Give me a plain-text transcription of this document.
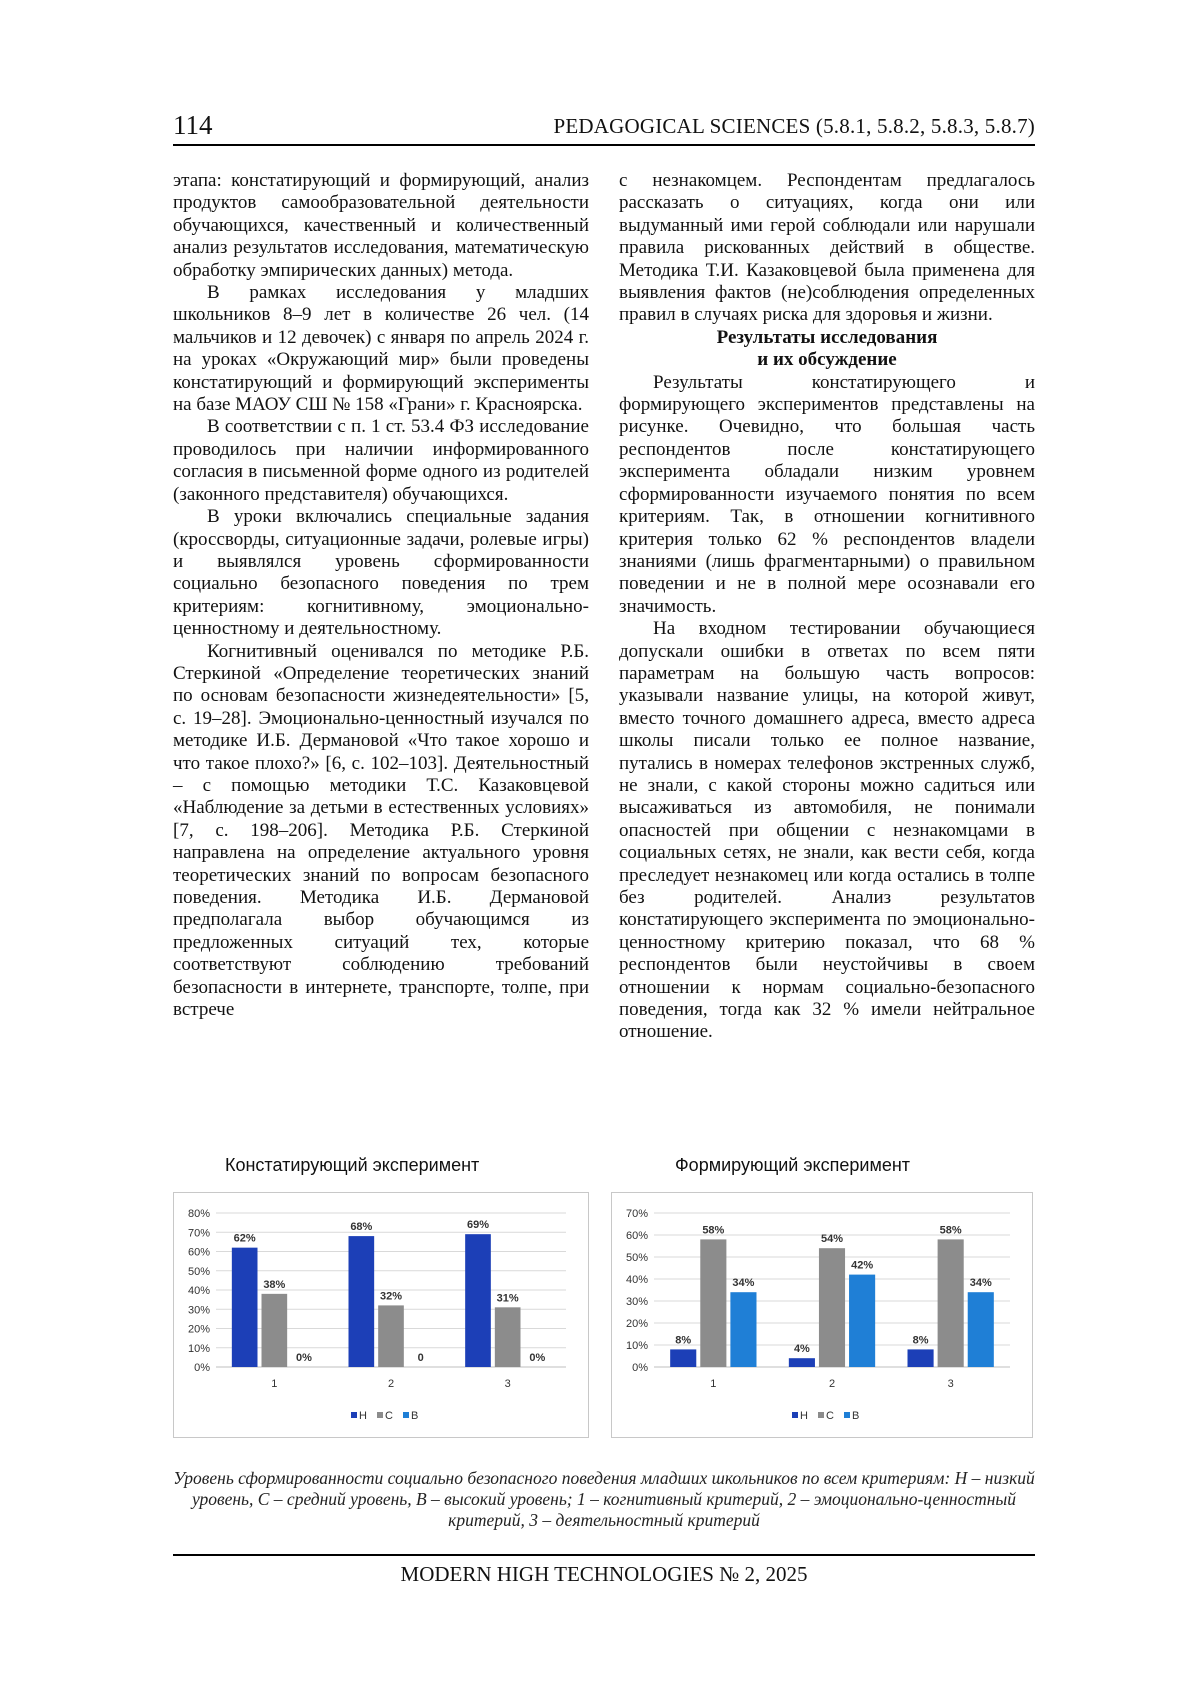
114	PEDAGOGICAL SCIENCES (5.8.1, 5.8.2, 5.8.3, 5.8.7)

этапа: констатирующий и формирующий, анализ продуктов самообразовательной деятельности обучающихся, качественный и количественный анализ результатов исследования, математическую обработку эмпирических данных) метода.

В рамках исследования у младших школьников 8–9 лет в количестве 26 чел. (14 мальчиков и 12 девочек) с января по апрель 2024 г. на уроках «Окружающий мир» были проведены констатирующий и формирующий эксперименты на базе МАОУ СШ № 158 «Грани» г. Красноярска.

В соответствии с п. 1 ст. 53.4 ФЗ исследование проводилось при наличии информированного согласия в письменной форме одного из родителей (законного представителя) обучающихся.

В уроки включались специальные задания (кроссворды, ситуационные задачи, ролевые игры) и выявлялся уровень сформированности социально безопасного поведения по трем критериям: когнитивному, эмоционально-ценностному и деятельностному.

Когнитивный оценивался по методике Р.Б. Стеркиной «Определение теоретических знаний по основам безопасности жизнедеятельности» [5, с. 19–28]. Эмоционально-ценностный изучался по методике И.Б. Дермановой «Что такое хорошо и что такое плохо?» [6, с. 102–103]. Деятельностный – с помощью методики Т.С. Казаковцевой «Наблюдение за детьми в естественных условиях» [7, с. 198–206]. Методика Р.Б. Стеркиной направлена на определение актуального уровня теоретических знаний по вопросам безопасного поведения. Методика И.Б. Дермановой предполагала выбор обучающимся из предложенных ситуаций тех, которые соответствуют соблюдению требований безопасности в интернете, транспорте, толпе, при встрече

с незнакомцем. Респондентам предлагалось рассказать о ситуациях, когда они или выдуманный ими герой соблюдали или нарушали правила рискованных действий в обществе. Методика Т.И. Казаковцевой была применена для выявления фактов (не)соблюдения определенных правил в случаях риска для здоровья и жизни.

Результаты исследования
и их обсуждение

Результаты констатирующего и формирующего экспериментов представлены на рисунке. Очевидно, что большая часть респондентов после констатирующего эксперимента обладали низким уровнем сформированности изучаемого понятия по всем критериям. Так, в отношении когнитивного критерия только 62 % респондентов владели знаниями (лишь фрагментарными) о правильном поведении и не в полной мере осознавали его значимость.

На входном тестировании обучающиеся допускали ошибки в ответах по всем пяти параметрам на большую часть вопросов: указывали название улицы, на которой живут, вместо точного домашнего адреса, вместо адреса школы писали только ее полное название, путались в номерах телефонов экстренных служб, не знали, с какой стороны можно садиться или высаживаться из автомобиля, не понимали опасностей при общении с незнакомцами в социальных сетях, не знали, как вести себя, когда преследует незнакомец или когда остались в толпе без родителей. Анализ результатов констатирующего эксперимента по эмоционально-ценностному критерию показал, что 68 % респондентов были неустойчивы в своем отношении к нормам социально-безопасного поведения, тогда как 32 % имели нейтральное отношение.

Констатирующий эксперимент	Формирующий эксперимент
0%
10%
20%
30%
40%
50%
60%
70%
80%
62%
38%
0%
1
68%
32%
0
2
69%
31%
0%
3
Н С В
0%
10%
20%
30%
40%
50%
60%
70%
8%
58%
34%
1
4%
54%
42%
2
8%
58%
34%
3
Н С В
Уровень сформированности социально безопасного поведения младших школьников по всем критериям: Н – низкий уровень, С – средний уровень, В – высокий уровень; 1 – когнитивный критерий, 2 – эмоционально-ценностный критерий, 3 – деятельностный критерий
MODERN HIGH TECHNOLOGIES № 2, 2025
